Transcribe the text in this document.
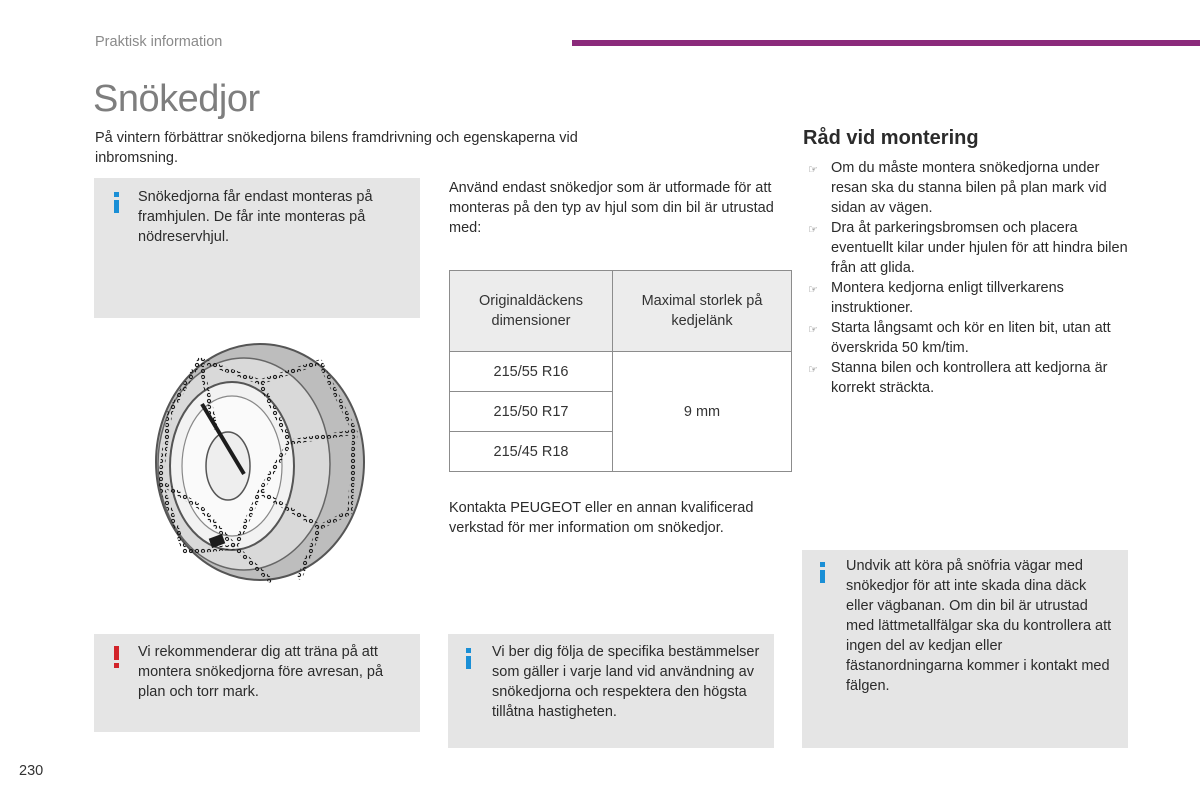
Praktisk information
Snökedjor
På vintern förbättrar snökedjorna bilens framdrivning och egenskaperna vid inbromsning.
Snökedjorna får endast monteras på framhjulen. De får inte monteras på nödreservhjul.
Vi rekommenderar dig att träna på att montera snökedjorna före avresan, på plan och torr mark.
Använd endast snökedjor som är utformade för att monteras på den typ av hjul som din bil är utrustad med:
Originaldäckens dimensioner	Maximal storlek på kedjelänk
215/55 R16	9 mm
215/50 R17	
215/45 R18	
Kontakta PEUGEOT eller en annan kvalificerad verkstad för mer information om snökedjor.
Vi ber dig följa de specifika bestämmelser som gäller i varje land vid användning av snökedjorna och respektera den högsta tillåtna hastigheten.
Råd vid montering
☞ Om du måste montera snökedjorna under resan ska du stanna bilen på plan mark vid sidan av vägen.
☞ Dra åt parkeringsbromsen och placera eventuellt kilar under hjulen för att hindra bilen från att glida.
☞ Montera kedjorna enligt tillverkarens instruktioner.
☞ Starta långsamt och kör en liten bit, utan att överskrida 50 km/tim.
☞ Stanna bilen och kontrollera att kedjorna är korrekt sträckta.
Undvik att köra på snöfria vägar med snökedjor för att inte skada dina däck eller vägbanan. Om din bil är utrustad med lättmetallfälgar ska du kontrollera att ingen del av kedjan eller fästanordningarna kommer i kontakt med fälgen.
230
